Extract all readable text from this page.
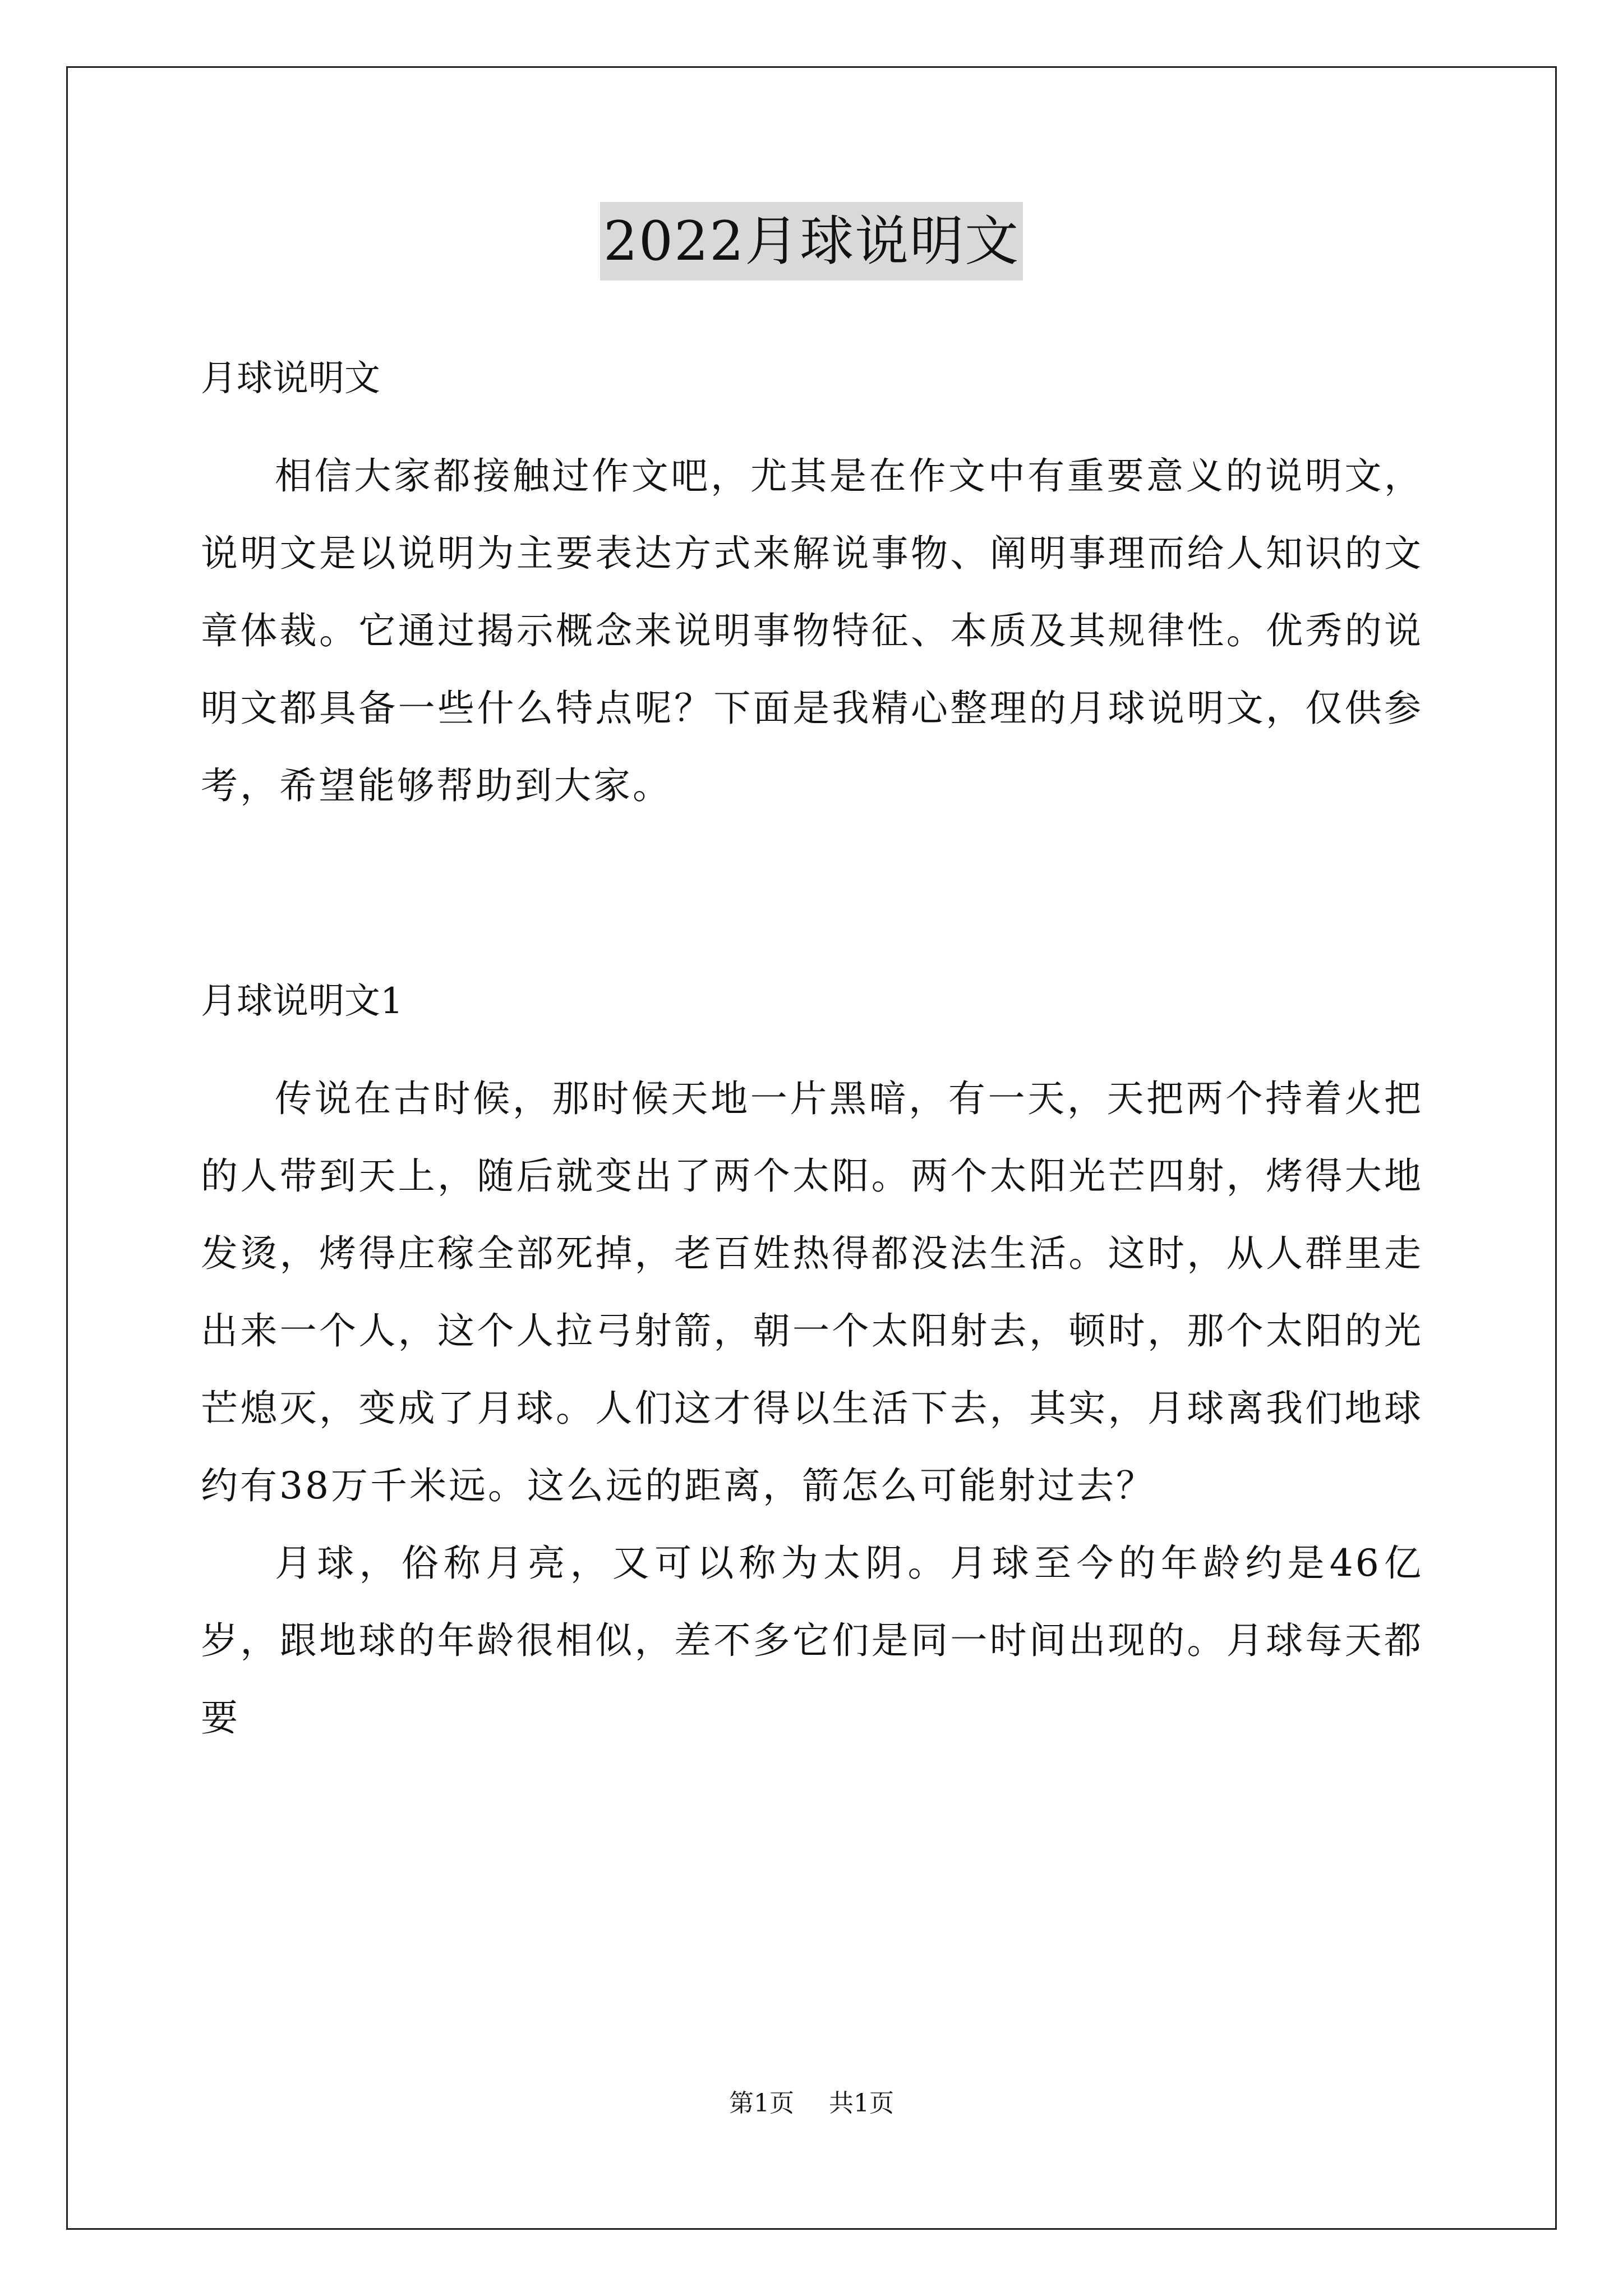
2022月球说明文

月球说明文

相信大家都接触过作文吧，尤其是在作文中有重要意义的说明文，说明文是以说明为主要表达方式来解说事物、阐明事理而给人知识的文章体裁。它通过揭示概念来说明事物特征、本质及其规律性。优秀的说明文都具备一些什么特点呢？下面是我精心整理的月球说明文，仅供参考，希望能够帮助到大家。

月球说明文1

传说在古时候，那时候天地一片黑暗，有一天，天把两个持着火把的人带到天上，随后就变出了两个太阳。两个太阳光芒四射，烤得大地发烫，烤得庄稼全部死掉，老百姓热得都没法生活。这时，从人群里走出来一个人，这个人拉弓射箭，朝一个太阳射去，顿时，那个太阳的光芒熄灭，变成了月球。人们这才得以生活下去，其实，月球离我们地球约有38万千米远。这么远的距离，箭怎么可能射过去？

月球，俗称月亮，又可以称为太阴。月球至今的年龄约是46亿岁，跟地球的年龄很相似，差不多它们是同一时间出现的。月球每天都要

第1页 共1页
